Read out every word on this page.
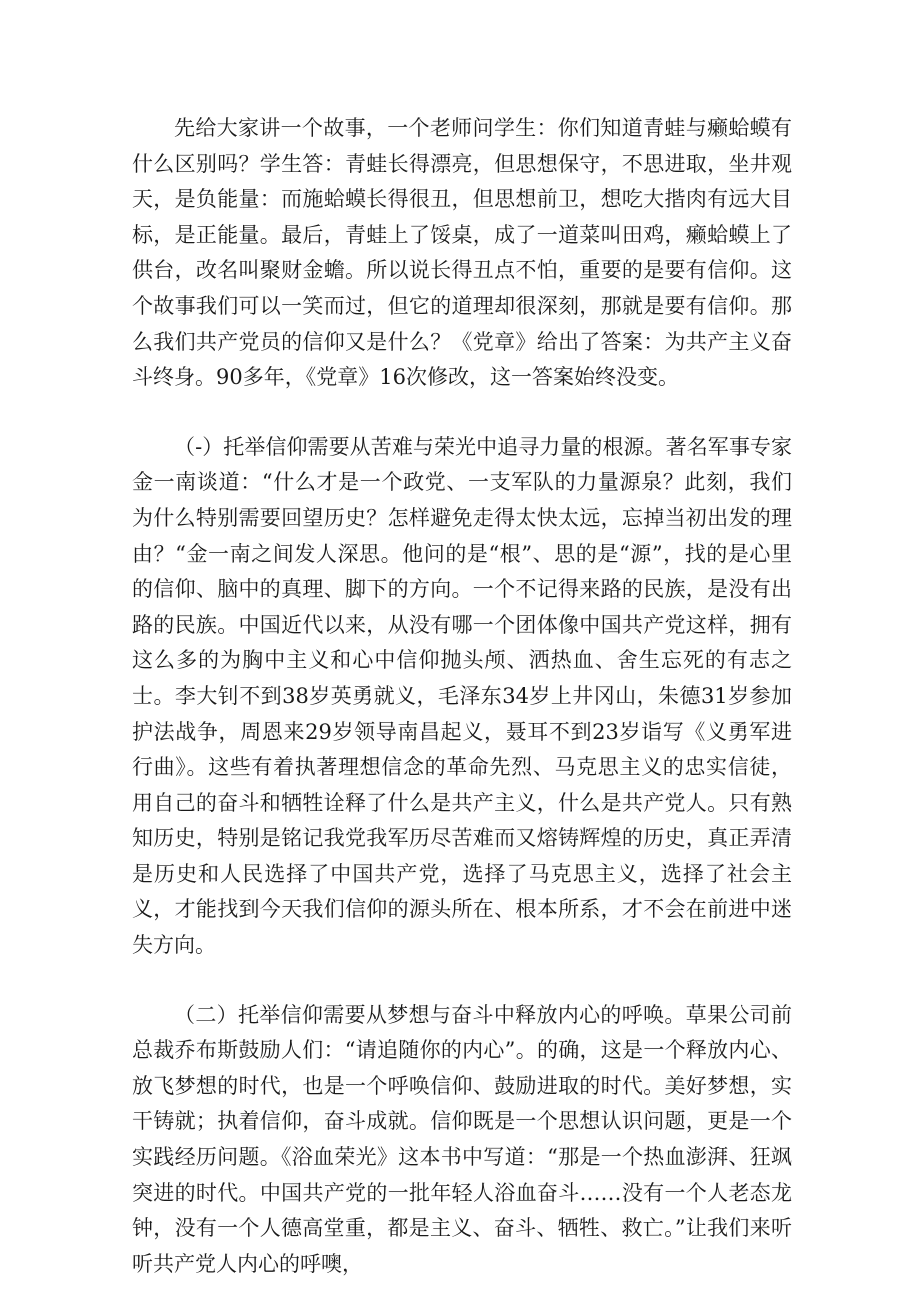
先给大家讲一个故事，一个老师问学生：你们知道青蛙与癞蛤蟆有什么区别吗？学生答：青蛙长得漂亮，但思想保守，不思进取，坐井观天，是负能量：而施蛤蟆长得很丑，但思想前卫，想吃大揩肉有远大目标，是正能量。最后，青蛙上了馁桌，成了一道菜叫田鸡，癞蛤蟆上了供台，改名叫聚财金蟾。所以说长得丑点不怕，重要的是要有信仰。这个故事我们可以一笑而过，但它的道理却很深刻，那就是要有信仰。那么我们共产党员的信仰又是什么？《党章》给出了答案：为共产主义奋斗终身。90多年，《党章》16次修改，这一答案始终没变。

（-）托举信仰需要从苦难与荣光中追寻力量的根源。著名军事专家金一南谈道：“什么才是一个政党、一支军队的力量源泉？此刻，我们为什么特别需要回望历史？怎样避免走得太快太远，忘掉当初出发的理由？“金一南之间发人深思。他问的是“根”、思的是“源”，找的是心里的信仰、脑中的真理、脚下的方向。一个不记得来路的民族，是没有出路的民族。中国近代以来，从没有哪一个团体像中国共产党这样，拥有这么多的为胸中主义和心中信仰抛头颅、洒热血、舍生忘死的有志之士。李大钊不到38岁英勇就义，毛泽东34岁上井冈山，朱德31岁参加护法战争，周恩来29岁领导南昌起义，聂耳不到23岁诣写《义勇军进行曲》。这些有着执著理想信念的革命先烈、马克思主义的忠实信徒，用自己的奋斗和牺牲诠释了什么是共产主义，什么是共产党人。只有熟知历史，特别是铭记我党我军历尽苦难而又熔铸辉煌的历史，真正弄清是历史和人民选择了中国共产党，选择了马克思主义，选择了社会主义，才能找到今天我们信仰的源头所在、根本所系，才不会在前进中迷失方向。

（二）托举信仰需要从梦想与奋斗中释放内心的呼唤。草果公司前总裁乔布斯鼓励人们：“请追随你的内心”。的确，这是一个释放内心、放飞梦想的时代，也是一个呼唤信仰、鼓励进取的时代。美好梦想，实干铸就；执着信仰，奋斗成就。信仰既是一个思想认识问题，更是一个实践经历问题。《浴血荣光》这本书中写道：“那是一个热血澎湃、狂飒突进的时代。中国共产党的一批年轻人浴血奋斗……没有一个人老态龙钟，没有一个人德高堂重，都是主义、奋斗、牺牲、救亡。”让我们来听听共产党人内心的呼噢，
